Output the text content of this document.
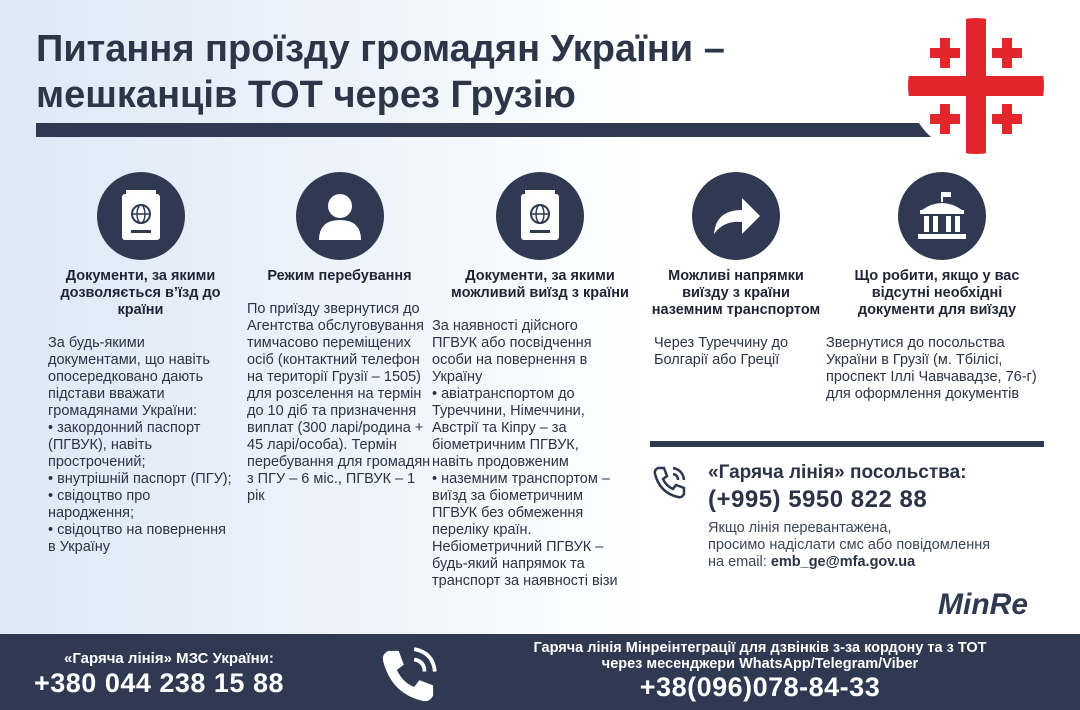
Питання проїзду громадян України –
мешканців ТОТ через Грузію
Документи, за якими дозволяється в’їзд до країни
За будь-якими документами, що навіть опосередковано дають підстави вважати громадянами України:
• закордонний паспорт (ПГВУК), навіть прострочений;
• внутрішній паспорт (ПГУ);
• свідоцтво про народження;
• свідоцтво на повернення в Україну
Режим перебування
По приїзду звернутися до Агентства обслуговування тимчасово переміщених осіб (контактний телефон на території Грузії – 1505) для розселення на термін до 10 діб та призначення виплат (300 ларі/родина + 45 ларі/особа). Термін перебування для громадян з ПГУ – 6 міс., ПГВУК – 1 рік
Документи, за якими можливий виїзд з країни
За наявності дійсного ПГВУК або посвідчення особи на повернення в Україну
• авіатранспортом до Туреччини, Німеччини, Австрії та Кіпру – за біометричним ПГВУК, навіть продовженим
• наземним транспортом – виїзд за біометричним ПГВУК без обмеження переліку країн. Небіометричний ПГВУК – будь-який напрямок та транспорт за наявності візи
Можливі напрямки виїзду з країни наземним транспортом
Через Туреччину до Болгарії або Греції
Що робити, якщо у вас відсутні необхідні документи для виїзду
Звернутися до посольства України в Грузії (м. Тбілісі, проспект Іллі Чавчавадзе, 76-г) для оформлення документів
«Гаряча лінія» посольства:
(+995) 5950 822 88
Якщо лінія перевантажена,
просимо надіслати смс або повідомлення
на email: emb_ge@mfa.gov.ua
MinRe
«Гаряча лінія» МЗС України:
+380 044 238 15 88
Гаряча лінія Мінреінтеграції для дзвінків з-за кордону та з ТОТ
через месенджери WhatsApp/Telegram/Viber
+38(096)078-84-33
